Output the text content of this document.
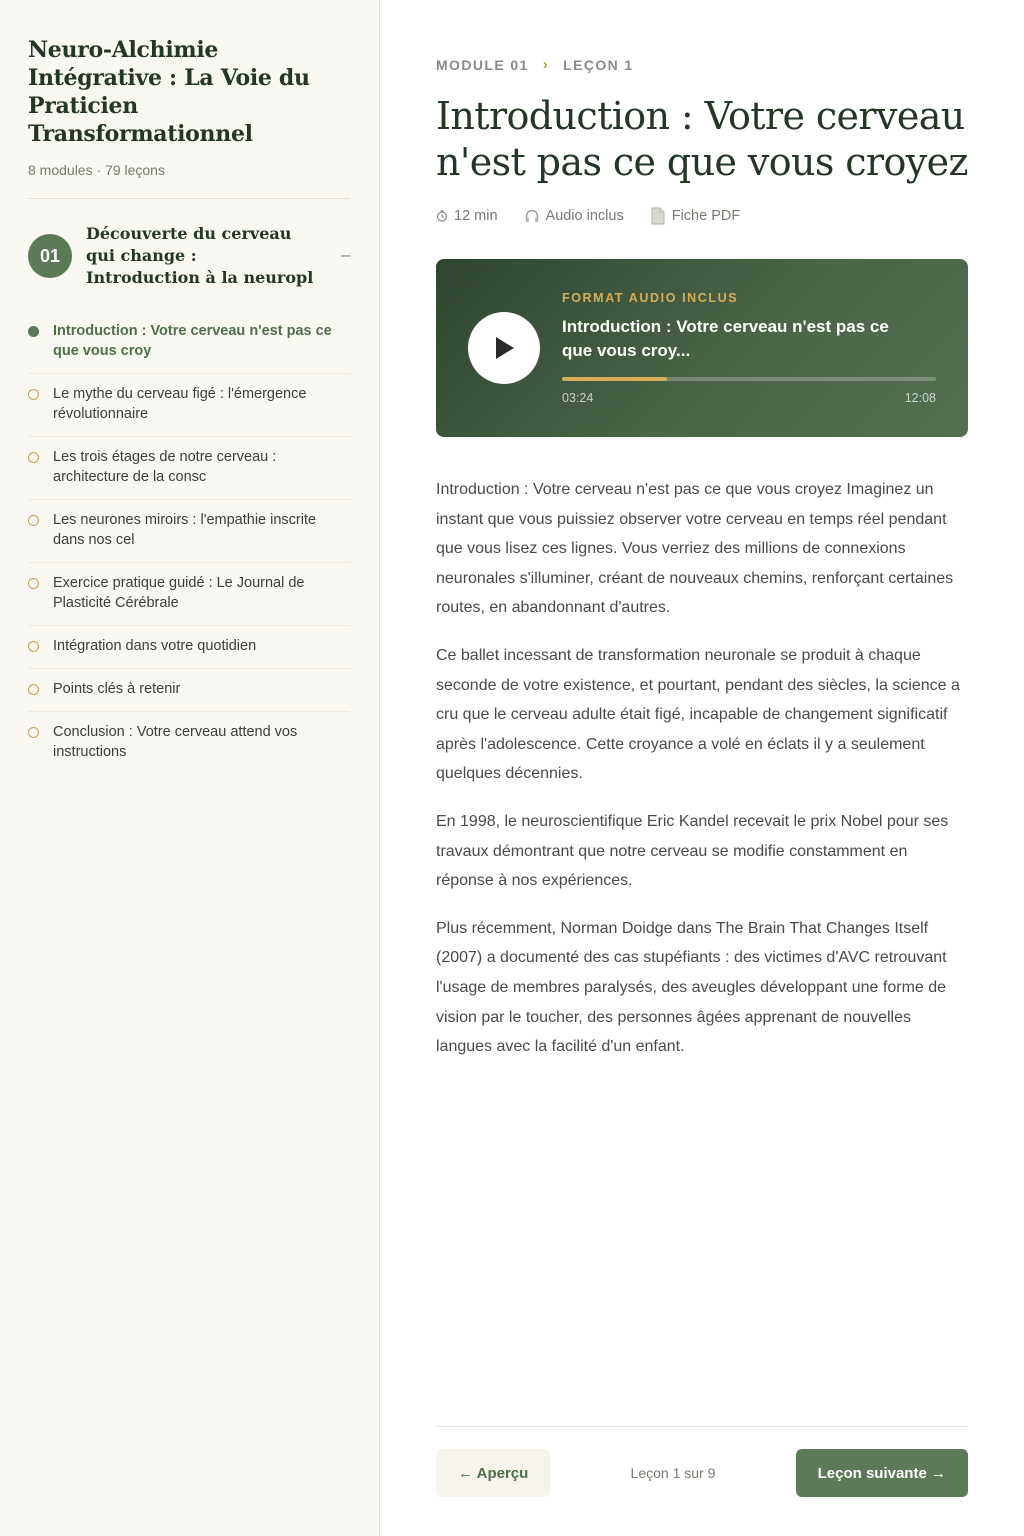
Neuro-Alchimie Intégrative : La Voie du Praticien Transformationnel
8 modules · 79 leçons
01
Découverte du cerveau qui change : Introduction à la neuropl
–
Introduction : Votre cerveau n'est pas ce que vous croy
Le mythe du cerveau figé : l'émergence révolutionnaire
Les trois étages de notre cerveau : architecture de la consc
Les neurones miroirs : l'empathie inscrite dans nos cel
Exercice pratique guidé : Le Journal de Plasticité Cérébrale
Intégration dans votre quotidien
Points clés à retenir
Conclusion : Votre cerveau attend vos instructions
MODULE 01 › LEÇON 1
Introduction : Votre cerveau n'est pas ce que vous croyez
12 min	Audio inclus	Fiche PDF
FORMAT AUDIO INCLUS
Introduction : Votre cerveau n'est pas ce que vous croy...
03:24	12:08

Introduction : Votre cerveau n'est pas ce que vous croyez Imaginez un instant que vous puissiez observer votre cerveau en temps réel pendant que vous lisez ces lignes. Vous verriez des millions de connexions neuronales s'illuminer, créant de nouveaux chemins, renforçant certaines routes, en abandonnant d'autres.

Ce ballet incessant de transformation neuronale se produit à chaque seconde de votre existence, et pourtant, pendant des siècles, la science a cru que le cerveau adulte était figé, incapable de changement significatif après l'adolescence. Cette croyance a volé en éclats il y a seulement quelques décennies.

En 1998, le neuroscientifique Eric Kandel recevait le prix Nobel pour ses travaux démontrant que notre cerveau se modifie constamment en réponse à nos expériences.

Plus récemment, Norman Doidge dans The Brain That Changes Itself (2007) a documenté des cas stupéfiants : des victimes d'AVC retrouvant l'usage de membres paralysés, des aveugles développant une forme de vision par le toucher, des personnes âgées apprenant de nouvelles langues avec la facilité d'un enfant.

← Aperçu	Leçon 1 sur 9	Leçon suivante →
